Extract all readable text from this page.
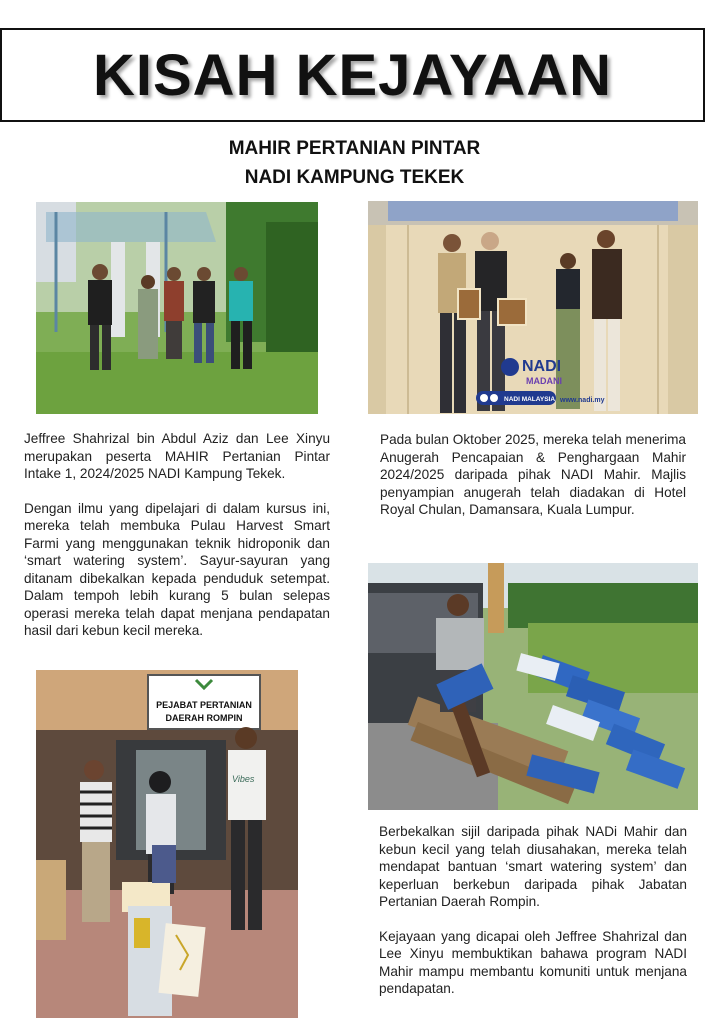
KISAH KEJAYAAN
MAHIR PERTANIAN PINTAR
NADI KAMPUNG TEKEK
NADI
MADANI
NADI MALAYSIA www.nadi.my

Jeffree Shahrizal bin Abdul Aziz dan Lee Xinyu merupakan peserta MAHIR Pertanian Pintar Intake 1, 2024/2025 NADI Kampung Tekek.

Dengan ilmu yang dipelajari di dalam kursus ini, mereka telah membuka Pulau Harvest Smart Farmi yang menggunakan teknik hidroponik dan ‘smart watering system’. Sayur-sayuran yang ditanam dibekalkan kepada penduduk setempat. Dalam tempoh lebih kurang 5 bulan selepas operasi mereka telah dapat menjana pendapatan hasil dari kebun kecil mereka.

Pada bulan Oktober 2025, mereka telah menerima Anugerah Pencapaian & Penghargaan Mahir 2024/2025 daripada pihak NADI Mahir. Majlis penyampian anugerah telah diadakan di Hotel Royal Chulan, Damansara, Kuala Lumpur.

Berbekalkan sijil daripada pihak NADi Mahir dan kebun kecil yang telah diusahakan, mereka telah mendapat bantuan ‘smart watering system’ dan keperluan berkebun daripada pihak Jabatan Pertanian Daerah Rompin.

Kejayaan yang dicapai oleh Jeffree Shahrizal dan Lee Xinyu membuktikan bahawa program NADI Mahir mampu membantu komuniti untuk menjana pendapatan.

PEJABAT PERTANIAN
DAERAH ROMPIN
Vibes
